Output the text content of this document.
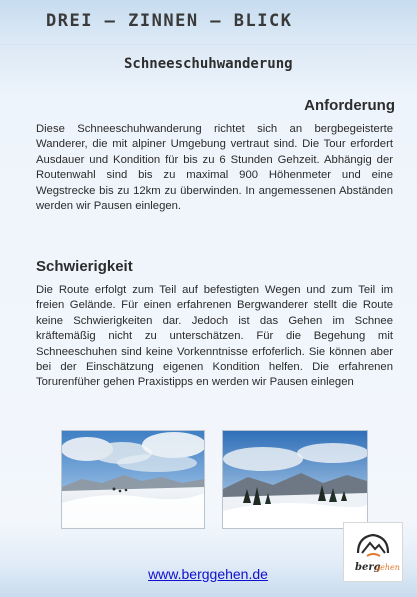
DREI – ZINNEN – BLICK
Schneeschuhwanderung
Anforderung
Diese Schneeschuhwanderung richtet sich an bergbegeisterte Wanderer, die mit alpiner Umgebung vertraut sind. Die Tour erfordert Ausdauer und Kondition für bis zu 6 Stunden Gehzeit. Abhängig der Routenwahl sind bis zu maximal 900 Höhenmeter und eine Wegstrecke bis zu 12km zu überwinden. In angemessenen Abständen werden wir Pausen einlegen.
Schwierigkeit
Die Route erfolgt zum Teil auf befestigten Wegen und zum Teil im freien Gelände. Für einen erfahrenen Bergwanderer stellt die Route keine Schwierigkeiten dar. Jedoch ist das Gehen im Schnee kräftemäßig nicht zu unterschätzen. Für die Begehung mit Schneeschuhen sind keine Vorkenntnisse erfoferlich. Sie können aber bei der Einschätzung eigenen Kondition helfen. Die erfahrenen Torurenfüher gehen Praxistipps en werden wir Pausen einlegen
berg
gehen
www.berggehen.de
